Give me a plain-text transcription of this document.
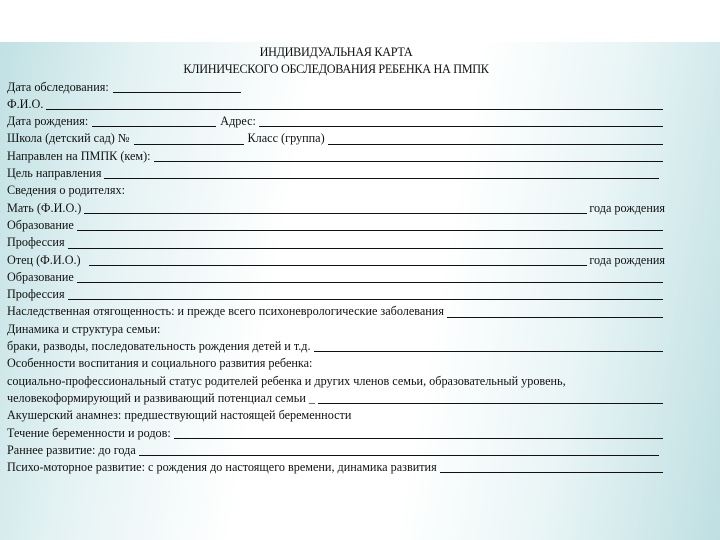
ИНДИВИДУАЛЬНАЯ КАРТА
КЛИНИЧЕСКОГО ОБСЛЕДОВАНИЯ РЕБЕНКА НА ПМПК
Дата обследования:
Ф.И.О.
Дата рождения:	Адрес:
Школа (детский сад) №	Класс (группа)
Направлен на ПМПК (кем):
Цель направления
Сведения о родителях:
Мать (Ф.И.О.)	года рождения
Образование
Профессия
Отец (Ф.И.О.)	года рождения
Образование
Профессия
Наследственная отягощенность: и прежде всего психоневрологические заболевания
Динамика и структура семьи:
браки, разводы, последовательность рождения детей и т.д.
Особенности воспитания и социального развития ребенка:
социально-профессиональный статус родителей ребенка и других членов семьи, образовательный уровень,
человекоформирующий и развивающий потенциал семьи _
Акушерский анамнез: предшествующий настоящей беременности
Течение беременности и родов:
Раннее развитие: до года
Психо-моторное развитие: с рождения до настоящего времени, динамика развития
